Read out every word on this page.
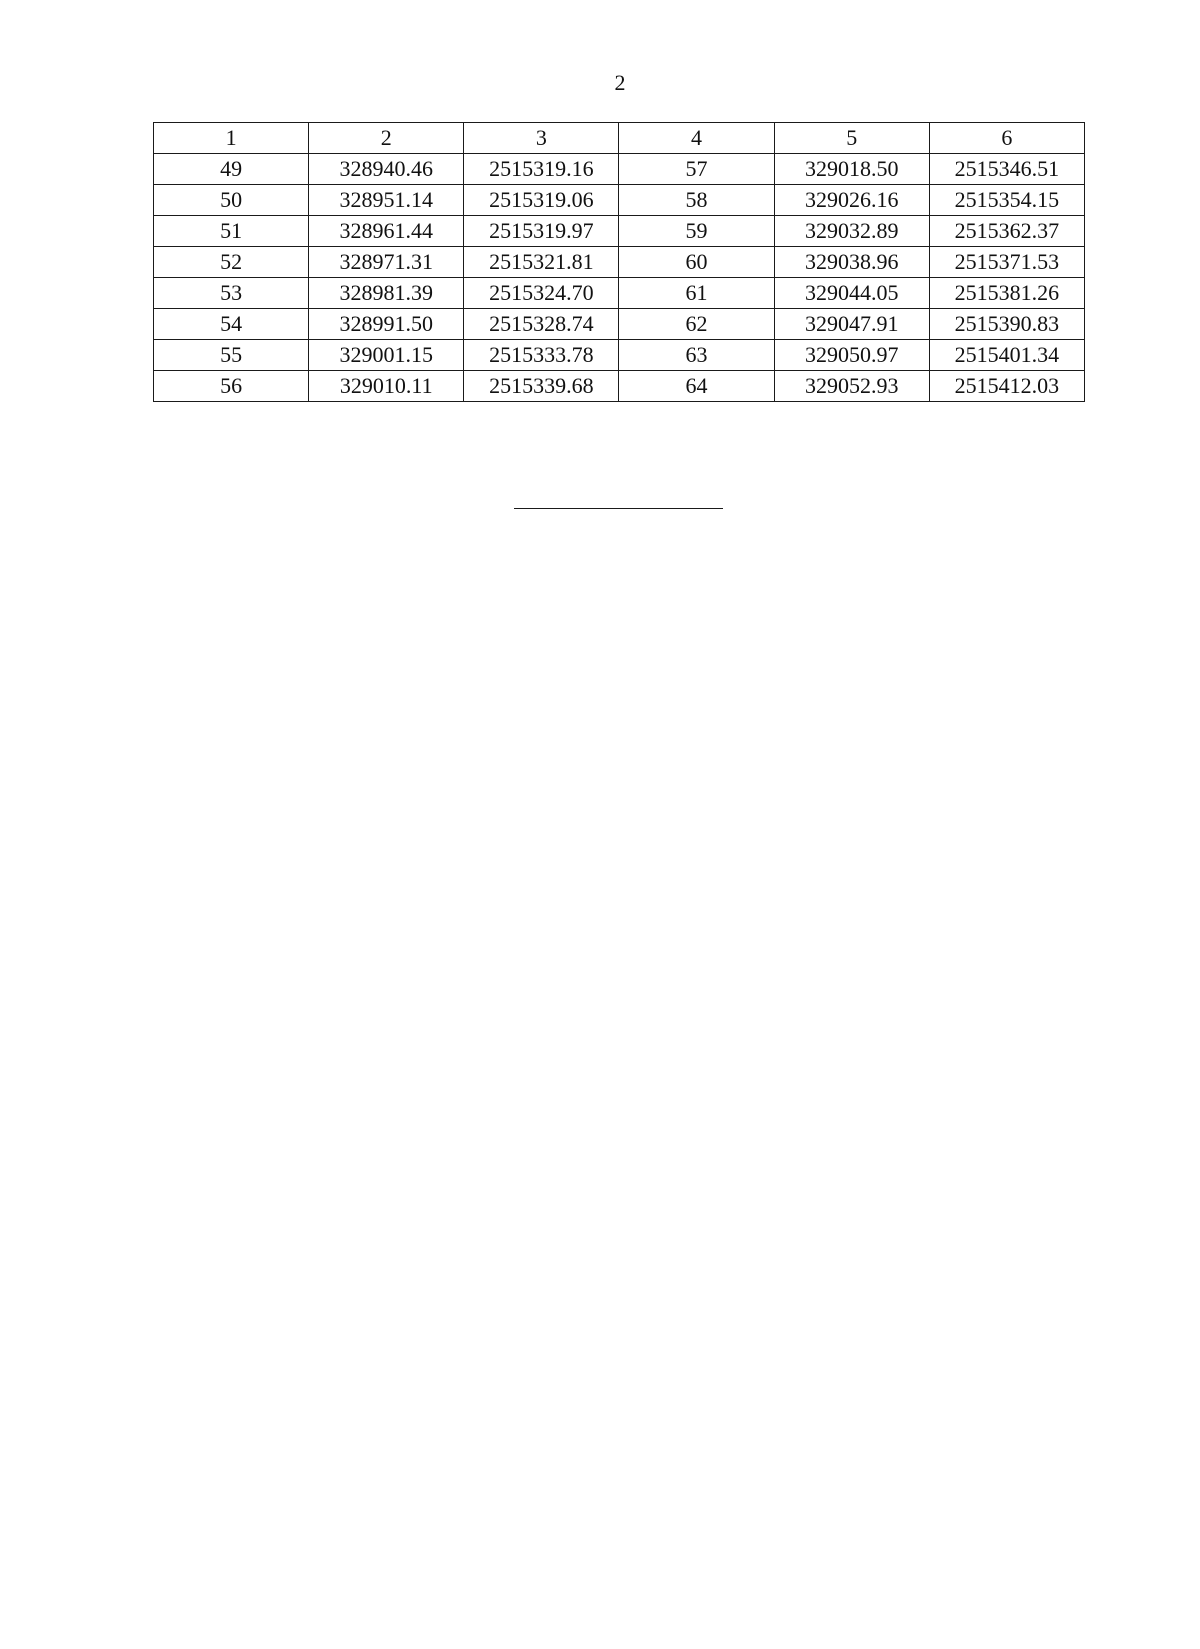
2
1	2	3	4	5	6
49	328940.46	2515319.16	57	329018.50	2515346.51
50	328951.14	2515319.06	58	329026.16	2515354.15
51	328961.44	2515319.97	59	329032.89	2515362.37
52	328971.31	2515321.81	60	329038.96	2515371.53
53	328981.39	2515324.70	61	329044.05	2515381.26
54	328991.50	2515328.74	62	329047.91	2515390.83
55	329001.15	2515333.78	63	329050.97	2515401.34
56	329010.11	2515339.68	64	329052.93	2515412.03
